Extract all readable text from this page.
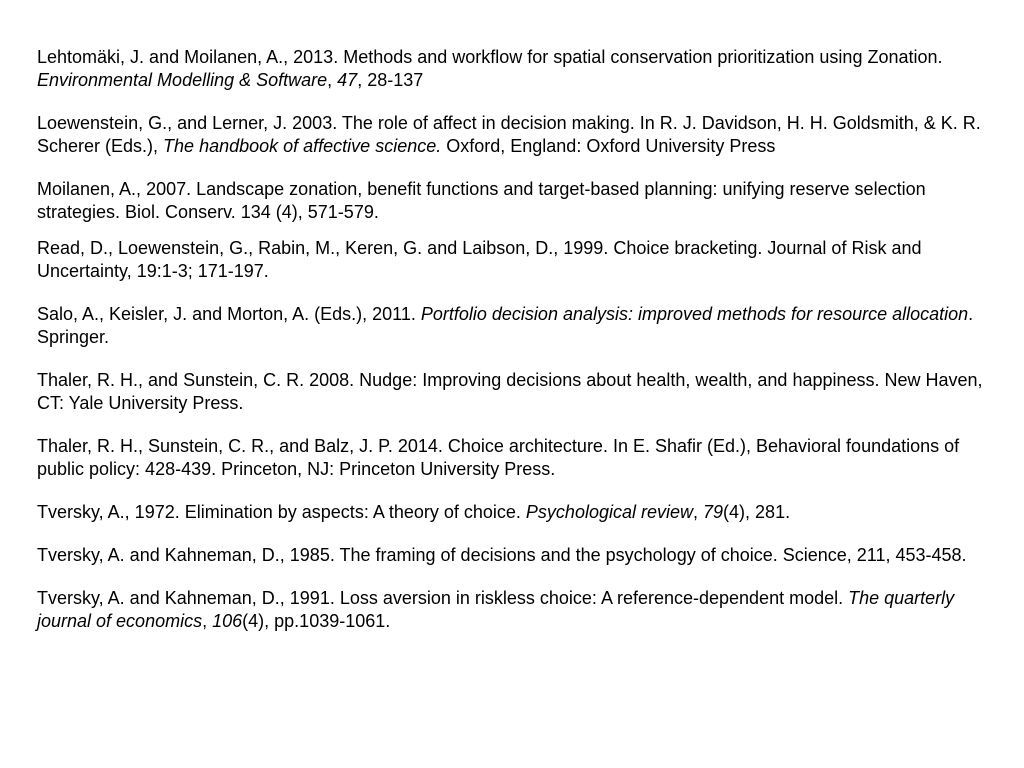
Lehtomäki, J. and Moilanen, A., 2013. Methods and workflow for spatial conservation prioritization using Zonation. Environmental Modelling & Software, 47, 28-137
Loewenstein, G., and Lerner, J. 2003. The role of affect in decision making. In R. J. Davidson, H. H. Goldsmith, & K. R. Scherer (Eds.), The handbook of affective science. Oxford, England: Oxford University Press
Moilanen, A., 2007. Landscape zonation, benefit functions and target-based planning: unifying reserve selection strategies. Biol. Conserv. 134 (4), 571-579.
Read, D., Loewenstein, G., Rabin, M., Keren, G. and Laibson, D., 1999. Choice bracketing. Journal of Risk and Uncertainty, 19:1-3; 171-197.
Salo, A., Keisler, J. and Morton, A. (Eds.), 2011. Portfolio decision analysis: improved methods for resource allocation. Springer.
Thaler, R. H., and Sunstein, C. R. 2008. Nudge: Improving decisions about health, wealth, and happiness. New Haven, CT: Yale University Press.
Thaler, R. H., Sunstein, C. R., and Balz, J. P. 2014. Choice architecture. In E. Shafir (Ed.), Behavioral foundations of public policy: 428-439. Princeton, NJ: Princeton University Press.
Tversky, A., 1972. Elimination by aspects: A theory of choice. Psychological review, 79(4), 281.
Tversky, A. and Kahneman, D., 1985. The framing of decisions and the psychology of choice. Science, 211, 453-458.
Tversky, A. and Kahneman, D., 1991. Loss aversion in riskless choice: A reference-dependent model. The quarterly journal of economics, 106(4), pp.1039-1061.
